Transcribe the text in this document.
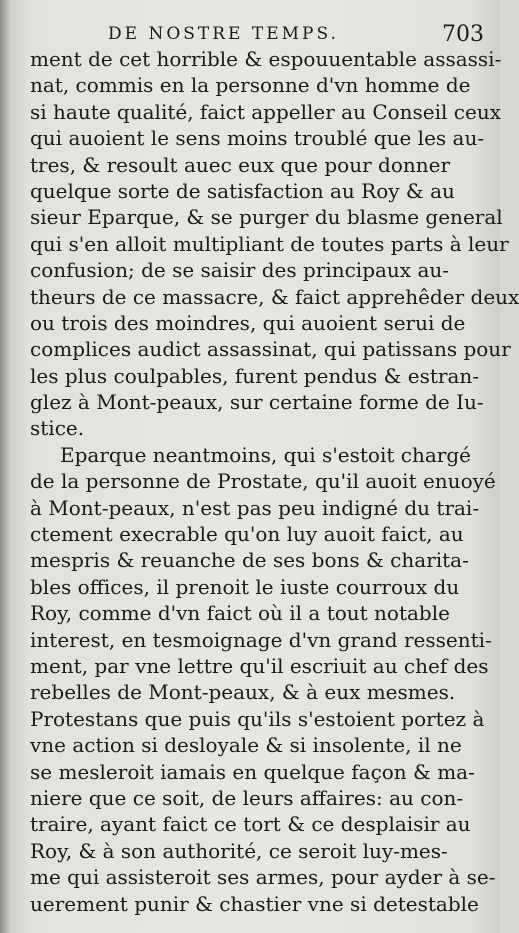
DE NOSTRE TEMPS.	703
ment de cet horrible & espouuentable assassi-
nat, commis en la personne d'vn homme de
si haute qualité, faict appeller au Conseil ceux
qui auoient le sens moins troublé que les au-
tres, & resoult auec eux que pour donner
quelque sorte de satisfaction au Roy & au
sieur Eparque, & se purger du blasme general
qui s'en alloit multipliant de toutes parts à leur
confusion; de se saisir des principaux au-
theurs de ce massacre, & faict apprehêder deux
ou trois des moindres, qui auoient serui de
complices audict assassinat, qui patissans pour
les plus coulpables, furent pendus & estran-
glez à Mont-peaux, sur certaine forme de Iu-
stice.
Eparque neantmoins, qui s'estoit chargé
de la personne de Prostate, qu'il auoit enuoyé
à Mont-peaux, n'est pas peu indigné du trai-
ctement execrable qu'on luy auoit faict, au
mespris & reuanche de ses bons & charita-
bles offices, il prenoit le iuste courroux du
Roy, comme d'vn faict où il a tout notable
interest, en tesmoignage d'vn grand ressenti-
ment, par vne lettre qu'il escriuit au chef des
rebelles de Mont-peaux, & à eux mesmes.
Protestans que puis qu'ils s'estoient portez à
vne action si desloyale & si insolente, il ne
se mesleroit iamais en quelque façon & ma-
niere que ce soit, de leurs affaires: au con-
traire, ayant faict ce tort & ce desplaisir au
Roy, & à son authorité, ce seroit luy-mes-
me qui assisteroit ses armes, pour ayder à se-
uerement punir & chastier vne si detestable
